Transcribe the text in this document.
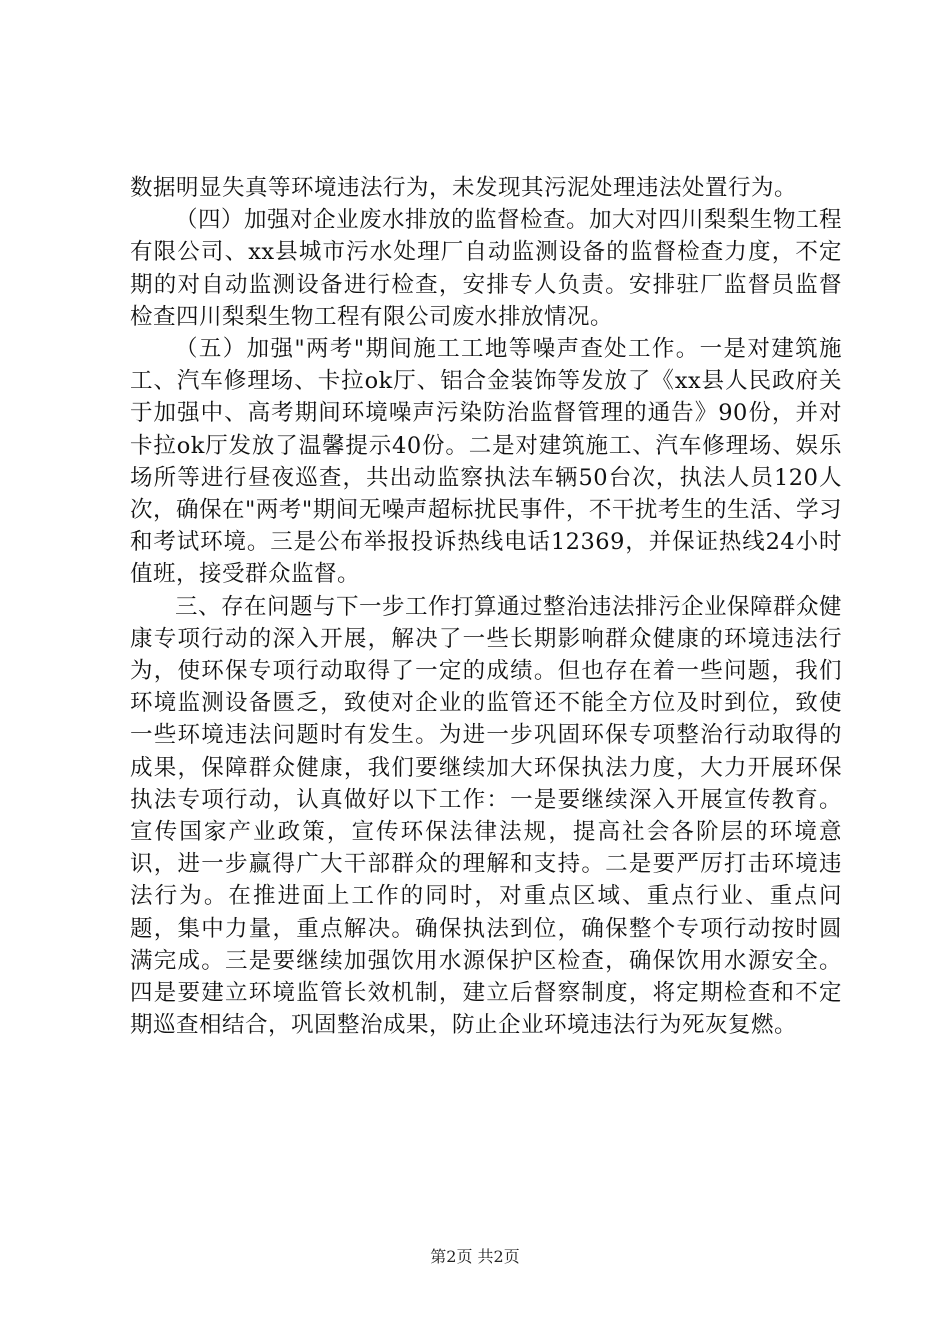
数据明显失真等环境违法行为，未发现其污泥处理违法处置行为。

（四）加强对企业废水排放的监督检查。加大对四川梨梨生物工程有限公司、xx县城市污水处理厂自动监测设备的监督检查力度，不定期的对自动监测设备进行检查，安排专人负责。安排驻厂监督员监督检查四川梨梨生物工程有限公司废水排放情况。

（五）加强"两考"期间施工工地等噪声查处工作。一是对建筑施工、汽车修理场、卡拉ok厅、铝合金装饰等发放了《xx县人民政府关于加强中、高考期间环境噪声污染防治监督管理的通告》90份，并对卡拉ok厅发放了温馨提示40份。二是对建筑施工、汽车修理场、娱乐场所等进行昼夜巡查，共出动监察执法车辆50台次，执法人员120人次，确保在"两考"期间无噪声超标扰民事件，不干扰考生的生活、学习和考试环境。三是公布举报投诉热线电话12369，并保证热线24小时值班，接受群众监督。

三、存在问题与下一步工作打算通过整治违法排污企业保障群众健康专项行动的深入开展，解决了一些长期影响群众健康的环境违法行为，使环保专项行动取得了一定的成绩。但也存在着一些问题，我们环境监测设备匮乏，致使对企业的监管还不能全方位及时到位，致使一些环境违法问题时有发生。为进一步巩固环保专项整治行动取得的成果，保障群众健康，我们要继续加大环保执法力度，大力开展环保执法专项行动，认真做好以下工作：一是要继续深入开展宣传教育。宣传国家产业政策，宣传环保法律法规，提高社会各阶层的环境意识，进一步赢得广大干部群众的理解和支持。二是要严厉打击环境违法行为。在推进面上工作的同时，对重点区域、重点行业、重点问题，集中力量，重点解决。确保执法到位，确保整个专项行动按时圆满完成。三是要继续加强饮用水源保护区检查，确保饮用水源安全。四是要建立环境监管长效机制，建立后督察制度，将定期检查和不定期巡查相结合，巩固整治成果，防止企业环境违法行为死灰复燃。

第2页 共2页
